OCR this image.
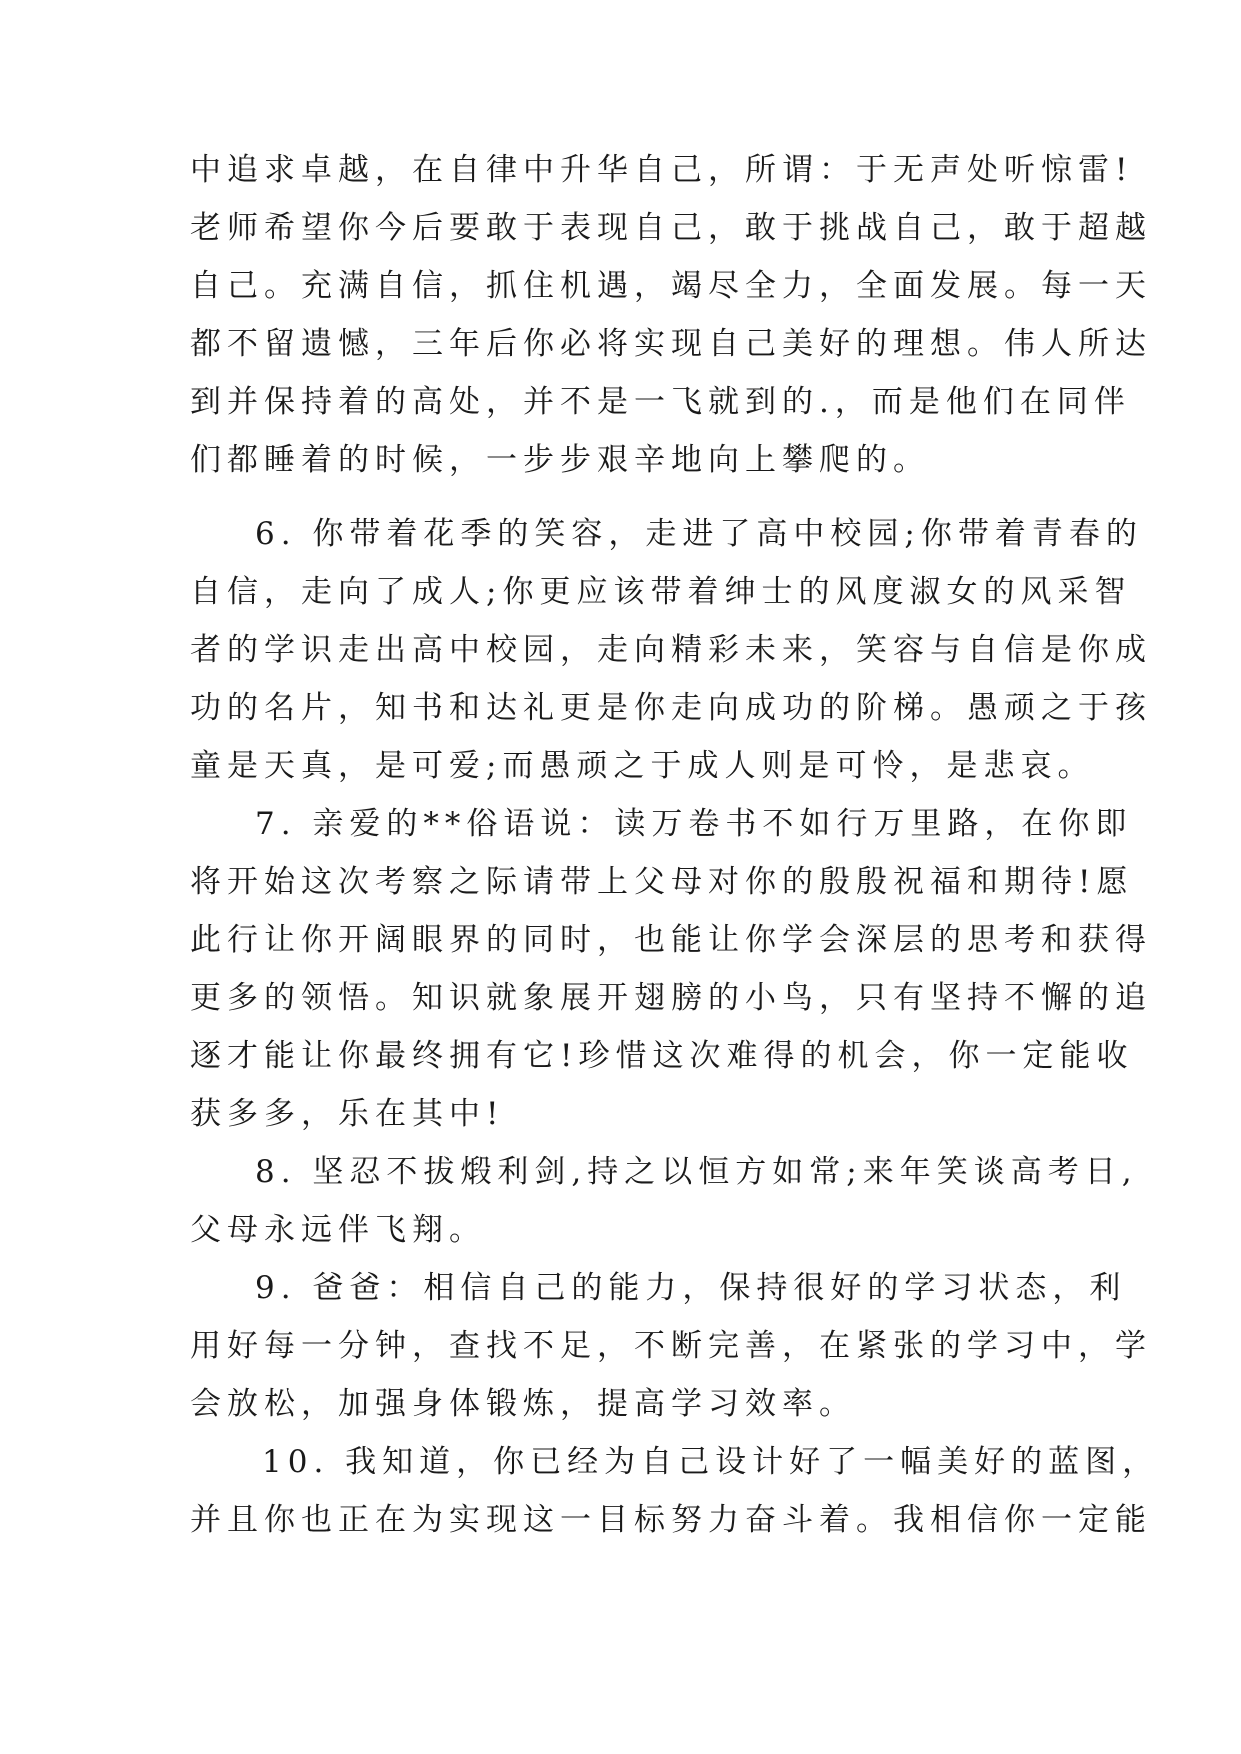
中追求卓越，在自律中升华自己，所谓：于无声处听惊雷!
老师希望你今后要敢于表现自己，敢于挑战自己，敢于超越
自己。充满自信，抓住机遇，竭尽全力，全面发展。每一天
都不留遗憾，三年后你必将实现自己美好的理想。伟人所达
到并保持着的高处，并不是一飞就到的.，而是他们在同伴
们都睡着的时候，一步步艰辛地向上攀爬的。
6. 你带着花季的笑容，走进了高中校园;你带着青春的
自信，走向了成人;你更应该带着绅士的风度淑女的风采智
者的学识走出高中校园，走向精彩未来，笑容与自信是你成
功的名片，知书和达礼更是你走向成功的阶梯。愚顽之于孩
童是天真，是可爱;而愚顽之于成人则是可怜，是悲哀。
7. 亲爱的**俗语说：读万卷书不如行万里路，在你即
将开始这次考察之际请带上父母对你的殷殷祝福和期待!愿
此行让你开阔眼界的同时，也能让你学会深层的思考和获得
更多的领悟。知识就象展开翅膀的小鸟，只有坚持不懈的追
逐才能让你最终拥有它!珍惜这次难得的机会，你一定能收
获多多，乐在其中!
8. 坚忍不拔煅利剑,持之以恒方如常;来年笑谈高考日,
父母永远伴飞翔。
9. 爸爸：相信自己的能力，保持很好的学习状态，利
用好每一分钟，查找不足，不断完善，在紧张的学习中，学
会放松，加强身体锻炼，提高学习效率。
10. 我知道，你已经为自己设计好了一幅美好的蓝图，
并且你也正在为实现这一目标努力奋斗着。我相信你一定能
